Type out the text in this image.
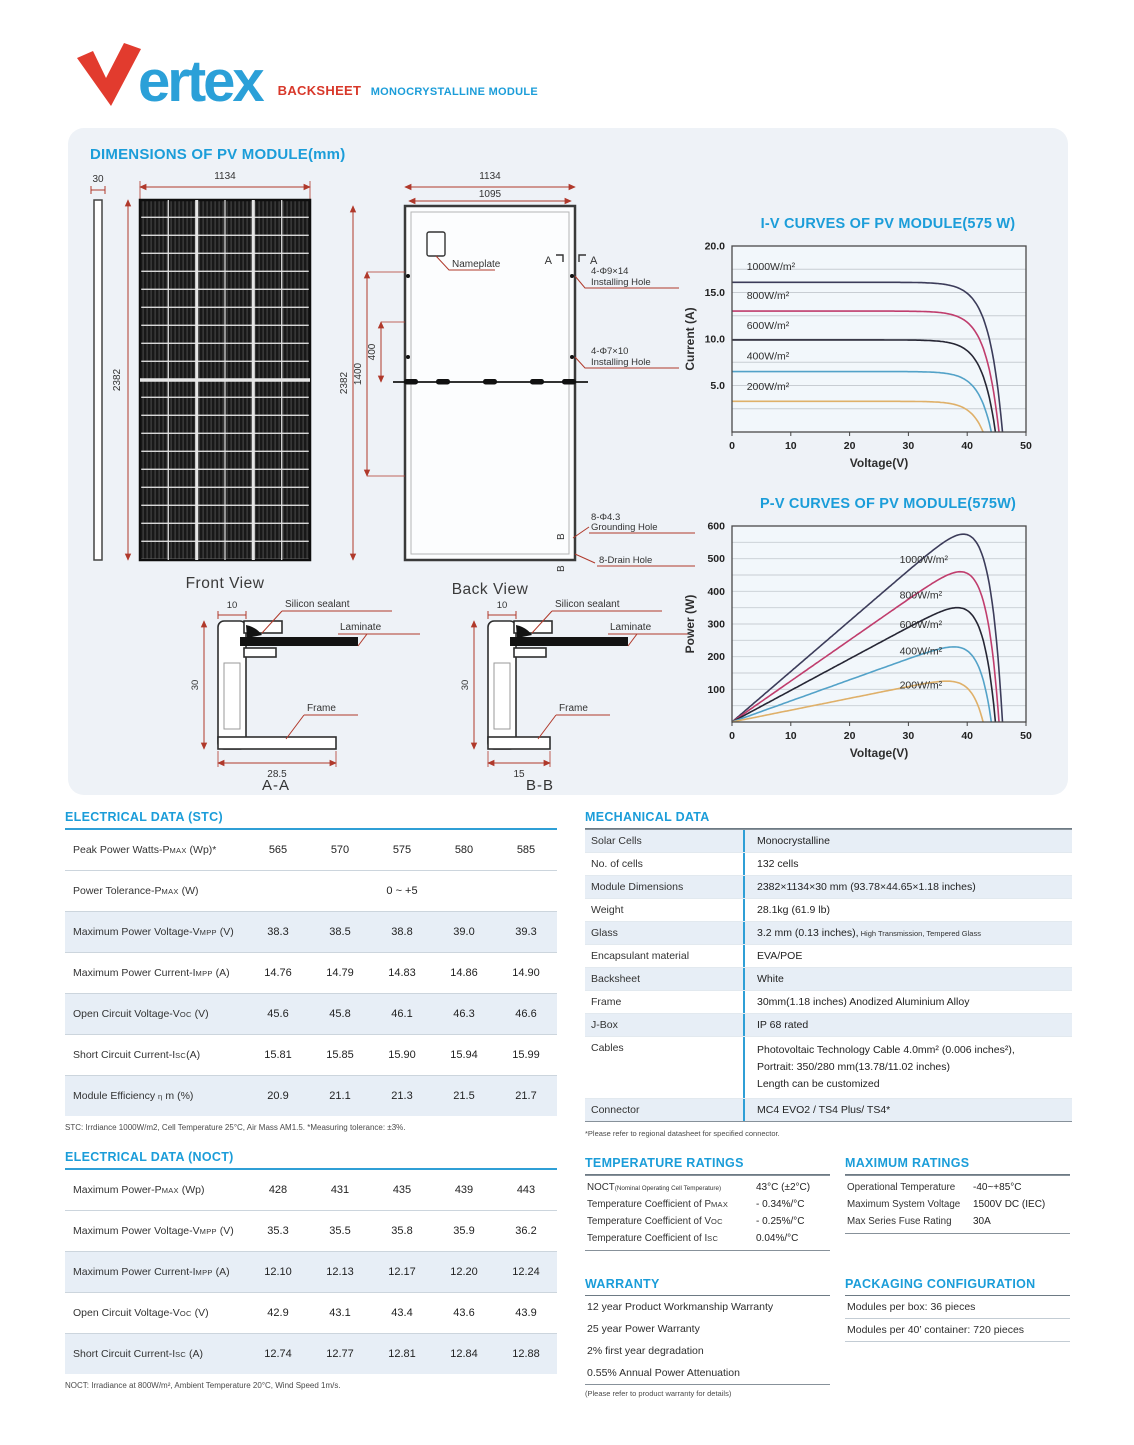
ertex BACKSHEET MONOCRYSTALLINE MODULE
DIMENSIONS OF PV MODULE(mm)
30	1134
2382
Front View
1134
1095
Nameplate	A	A
4-Φ9×14
Installing Hole
4-Φ7×10
Installing Hole
2382 1400
400
8-Φ4.3
Grounding Hole
8-Drain Hole
B
B
Back View
10
30
28.5
Silicon sealant
Laminate
Frame
A-A
10
30
15
Silicon sealant
Laminate
Frame
B-B
I-V CURVES OF PV MODULE(575 W)
1000W/m²
800W/m²
600W/m²
400W/m²
200W/m²
5.0
10.0
15.0
20.0
0	10	20	30	40	50
Voltage(V)
Current (A)
P-V CURVES OF PV MODULE(575W)
1000W/m²
800W/m²
600W/m²
400W/m²
200W/m²
100
200
300
400
500
600
0	10	20	30	40	50
Voltage(V)
Power (W)
ELECTRICAL DATA (STC)
Peak Power Watts-PMAX (Wp)*	565	570	575	580	585
Power Tolerance-PMAX (W)	0 ~ +5
Maximum Power Voltage-VMPP (V)	38.3	38.5	38.8	39.0	39.3
Maximum Power Current-IMPP (A)	14.76	14.79	14.83	14.86	14.90
Open Circuit Voltage-VOC (V)	45.6	45.8	46.1	46.3	46.6
Short Circuit Current-ISC(A)	15.81	15.85	15.90	15.94	15.99
Module Efficiency η m (%)	20.9	21.1	21.3	21.5	21.7
STC: Irrdiance 1000W/m2, Cell Temperature 25°C, Air Mass AM1.5. *Measuring tolerance: ±3%.
ELECTRICAL DATA (NOCT)
Maximum Power-PMAX (Wp)	428	431	435	439	443
Maximum Power Voltage-VMPP (V)	35.3	35.5	35.8	35.9	36.2
Maximum Power Current-IMPP (A)	12.10	12.13	12.17	12.20	12.24
Open Circuit Voltage-VOC (V)	42.9	43.1	43.4	43.6	43.9
Short Circuit Current-ISC (A)	12.74	12.77	12.81	12.84	12.88
NOCT: Irradiance at 800W/m², Ambient Temperature 20°C, Wind Speed 1m/s.
MECHANICAL DATA
Solar Cells	Monocrystalline
No. of cells	132 cells
Module Dimensions	2382×1134×30 mm (93.78×44.65×1.18 inches)
Weight	28.1kg (61.9 lb)
Glass	3.2 mm (0.13 inches), High Transmission, Tempered Glass
Encapsulant material	EVA/POE
Backsheet	White
Frame	30mm(1.18 inches) Anodized Aluminium Alloy
J-Box	IP 68 rated
Cables	Photovoltaic Technology Cable 4.0mm² (0.006 inches²),
Portrait: 350/280 mm(13.78/11.02 inches)
Length can be customized
Connector	MC4 EVO2 / TS4 Plus/ TS4*
*Please refer to regional datasheet for specified connector.
TEMPERATURE RATINGS
NOCT(Nominal Operating Cell Temperature)	43°C (±2°C)
Temperature Coefficient of PMAX	- 0.34%/°C
Temperature Coefficient of VOC	- 0.25%/°C
Temperature Coefficient of ISC	0.04%/°C
MAXIMUM RATINGS
Operational Temperature	-40~+85°C
Maximum System Voltage	1500V DC (IEC)
Max Series Fuse Rating	30A
WARRANTY
12 year Product Workmanship Warranty
25 year Power Warranty
2% first year degradation
0.55% Annual Power Attenuation
(Please refer to product warranty for details)
PACKAGING CONFIGURATION
Modules per box: 36 pieces
Modules per 40’ container: 720 pieces
